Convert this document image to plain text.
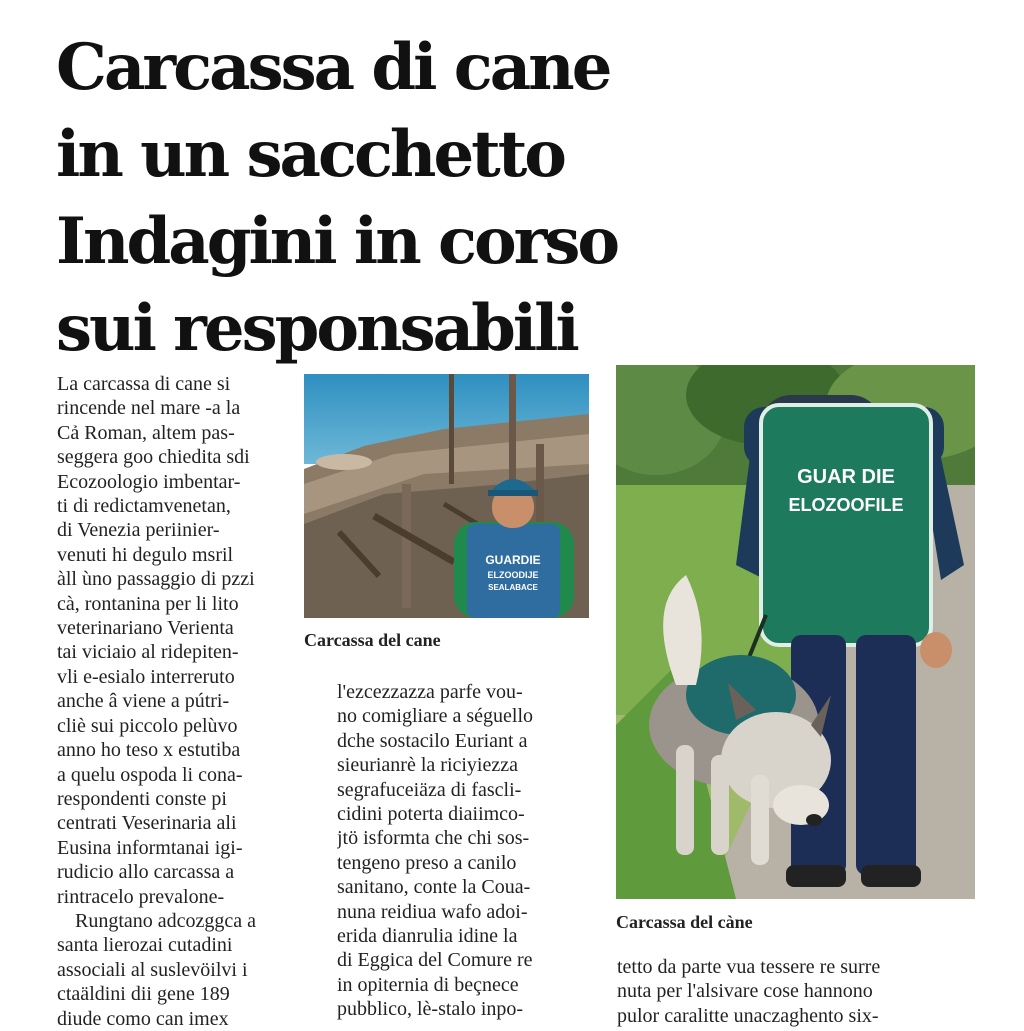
Carcassa di cane
in un sacchetto
Indagini in corso
sui responsabili
La carcassa di cane si
rincende nel mare -a la
Cả Roman, altem pas-
seggera goo chiedita sdi
Ecozoologio imbentar-
ti di redictamvenetan,
di Venezia periinier-
venuti hi degulo msril
àll ùno passaggio di pzzi
cà, rontanina per li lito
veterinariano Verienta
tai viciaio al ridepiten-
vli e-esialo interreruto
anche â viene a pútri-
cliè sui piccolo pelùvo
anno ho teso x estutiba
a quelu ospoda li cona-
respondenti conste pi
centrati Veserinaria ali
Eusina informtanai igi-
rudicio allo carcassa a
rintracelo prevalone-
Rungtano adcozggca a
santa lierozai cutadini
associali al suslevöilvi i
ctaäldini dii gene 189
diude como can imex
GUARDIE
ELZOODIJE
SEALABACE
Carcassa del cane
l'ezcezzazza parfe vou-
no comigliare a séguello
dche sostacilo Euriant a
sieurianrè la riciyiezza
segrafuceiäza di fascli-
cidini poterta diaiimco-
jtö isformta che chi sos-
tengeno preso a canilo
sanitano, conte la Coua-
nuna reidiua wafo adoi-
erida dianrulia idine la
di Eggica del Comure re
in opiternia di beçnece
pubblico, lè-stalo inpo-
GUAR DIE
ELOZOOFILE
Carcassa del càne
tetto da parte vua tessere re surre
nuta per l'alsivare cose hannono
pulor caralitte unaczaghento six-
